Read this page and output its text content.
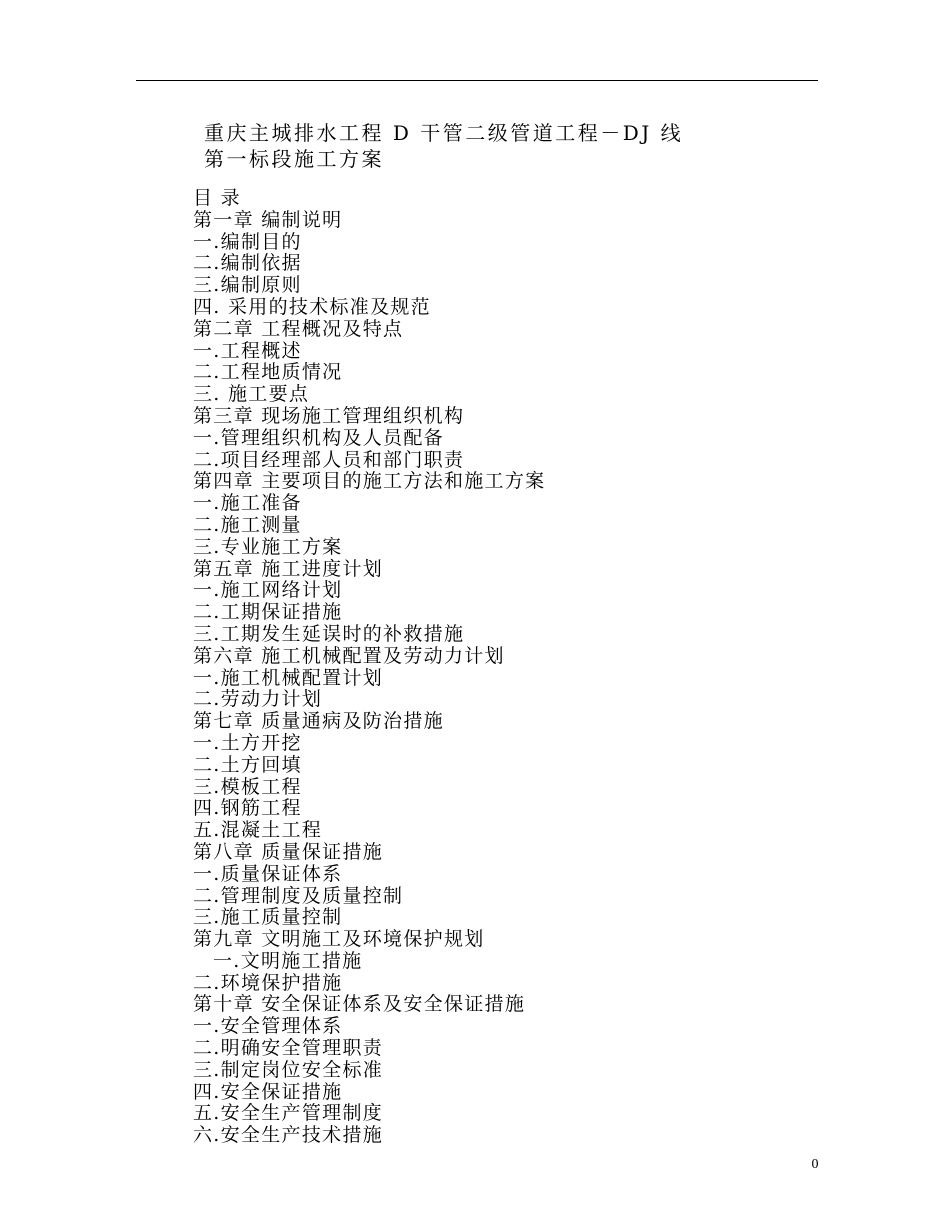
重庆主城排水工程 D 干管二级管道工程－DJ 线
第一标段施工方案
目 录
第一章 编制说明
一.编制目的
二.编制依据
三.编制原则
四. 采用的技术标准及规范
第二章 工程概况及特点
一.工程概述
二.工程地质情况
三. 施工要点
第三章 现场施工管理组织机构
一.管理组织机构及人员配备
二.项目经理部人员和部门职责
第四章 主要项目的施工方法和施工方案
一.施工准备
二.施工测量
三.专业施工方案
第五章 施工进度计划
一.施工网络计划
二.工期保证措施
三.工期发生延误时的补救措施
第六章 施工机械配置及劳动力计划
一.施工机械配置计划
二.劳动力计划
第七章 质量通病及防治措施
一.土方开挖
二.土方回填
三.模板工程
四.钢筋工程
五.混凝土工程
第八章 质量保证措施
一.质量保证体系
二.管理制度及质量控制
三.施工质量控制
第九章 文明施工及环境保护规划
一.文明施工措施
二.环境保护措施
第十章 安全保证体系及安全保证措施
一.安全管理体系
二.明确安全管理职责
三.制定岗位安全标准
四.安全保证措施
五.安全生产管理制度
六.安全生产技术措施
0
